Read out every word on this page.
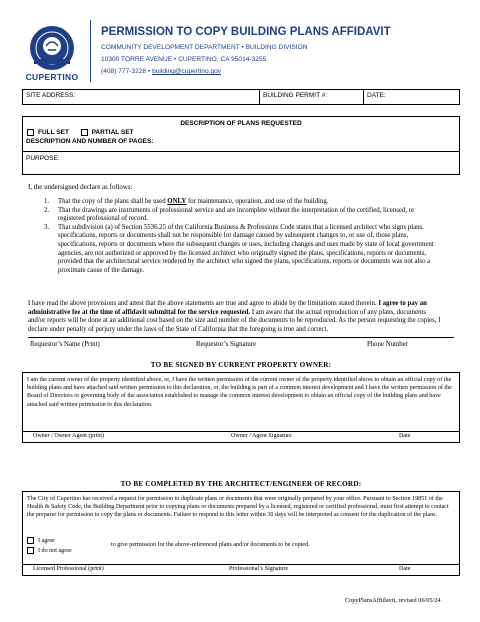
CUPERTINO
PERMISSION TO COPY BUILDING PLANS AFFIDAVIT
COMMUNITY DEVELOPMENT DEPARTMENT • BUILDING DIVISION
10300 TORRE AVENUE • CUPERTINO, CA 95014-3255
(408) 777-3228 • building@cupertino.gov
SITE ADDRESS:	BUILDING PERMIT #:	DATE:
DESCRIPTION OF PLANS REQUESTED
FULL SET	PARTIAL SET
DESCRIPTION AND NUMBER OF PAGES:
PURPOSE:
I, the undersigned declare as follows:
1. That the copy of the plans shall be used ONLY for maintenance, operation, and use of the building.
2. That the drawings are instruments of professional service and are incomplete without the interpretation of the certified, licensed, or registered professional of record.
3. That subdivision (a) of Section 5536.25 of the California Business & Professions Code states that a licensed architect who signs plans, specifications, reports or documents shall not be responsible for damage caused by subsequent changes to, or use of, those plans, specifications, reports or documents where the subsequent changes or uses, including changes and uses made by state of local government agencies, are not authorized or approved by the licensed architect who originally signed the plans, specifications, reports or documents, provided that the architectural service rendered by the architect who signed the plans, specifications, reports or documents was not also a proximate cause of the damage.
I have read the above provisions and attest that the above statements are true and agree to abide by the limitations stated therein. I agree to pay an administrative fee at the time of affidavit submittal for the service requested. I am aware that the actual reproduction of any plans, documents and/or reports will be done at an additional cost based on the size and number of the documents to be reproduced. As the person requesting the copies, I declare under penalty of perjury under the laws of the State of California that the foregoing is true and correct.
Requestor’s Name (Print)	Requestor’s Signature	Phone Number
TO BE SIGNED BY CURRENT PROPERTY OWNER:
I am the current owner of the property identified above, or, I have the written permission of the current owner of the property identified above to obtain an official copy of the building plans and have attached said written permission to this declaration, or, the building is part of a common interest development and I have the written permission of the Board of Directors or governing body of the association established to manage the common interest development to obtain an official copy of the building plans and have attached said written permission to this declaration.
Owner / Owner Agent (print)	Owner / Agent Signature	Date
TO BE COMPLETED BY THE ARCHITECT/ENGINEER OF RECORD:
The City of Cupertino has received a request for permission to duplicate plans or documents that were originally prepared by your office. Pursuant to Section 19851 of the Health & Safety Code, the Building Department prior to copying plans or documents prepared by a licensed, registered or certified professional, must first attempt to contact the preparer for permission to copy the plans or documents. Failure to respond to this letter within 30 days will be interpreted as consent for the duplication of the plans.
I agree
I do not agree
to give permission for the above-referenced plans and/or documents to be copied.
Licensed Professional (print)	Professional’s Signature	Date
CopyPlansAffidavit, revised 06/05/24
